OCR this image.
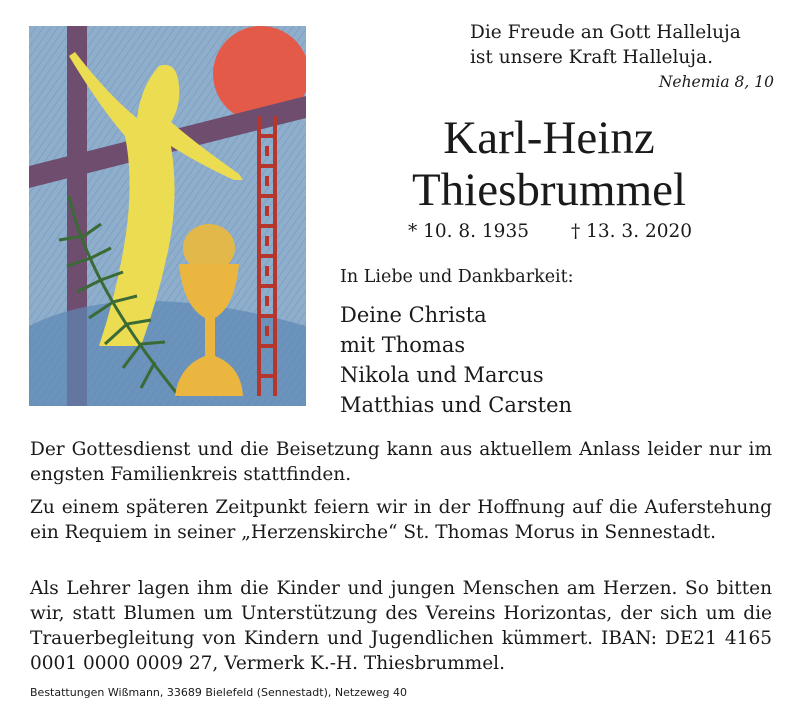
Die Freude an Gott Halleluja
ist unsere Kraft Halleluja.
Nehemia 8, 10
Karl-Heinz
Thiesbrummel
* 10. 8. 1935 † 13. 3. 2020
In Liebe und Dankbarkeit:
Deine Christa
mit Thomas
Nikola und Marcus
Matthias und Carsten

Der Gottesdienst und die Beisetzung kann aus aktuellem Anlass leider nur im engsten Familienkreis stattfinden.

Zu einem späteren Zeitpunkt feiern wir in der Hoffnung auf die Auferstehung ein Requiem in seiner „Herzenskirche“ St. Thomas Morus in Sennestadt.

Als Lehrer lagen ihm die Kinder und jungen Menschen am Herzen. So bitten wir, statt Blumen um Unterstützung des Vereins Horizontas, der sich um die Trauerbegleitung von Kindern und Jugendlichen kümmert. IBAN: DE21 4165 0001 0000 0009 27, Vermerk K.-H. Thiesbrummel.

Bestattungen Wißmann, 33689 Bielefeld (Sennestadt), Netzeweg 40
